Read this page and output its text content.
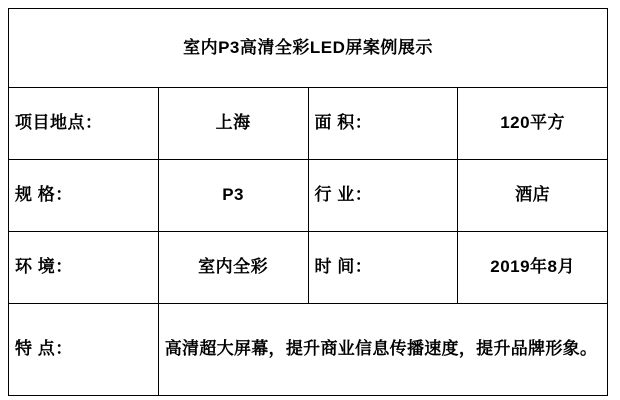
室内P3高清全彩LED屏案例展示			
项目地点：	上海	面 积：	120平方
规 格：	P3	行 业：	酒店
环 境：	室内全彩	时 间：	2019年8月
特 点：	高清超大屏幕，提升商业信息传播速度，提升品牌形象。		
